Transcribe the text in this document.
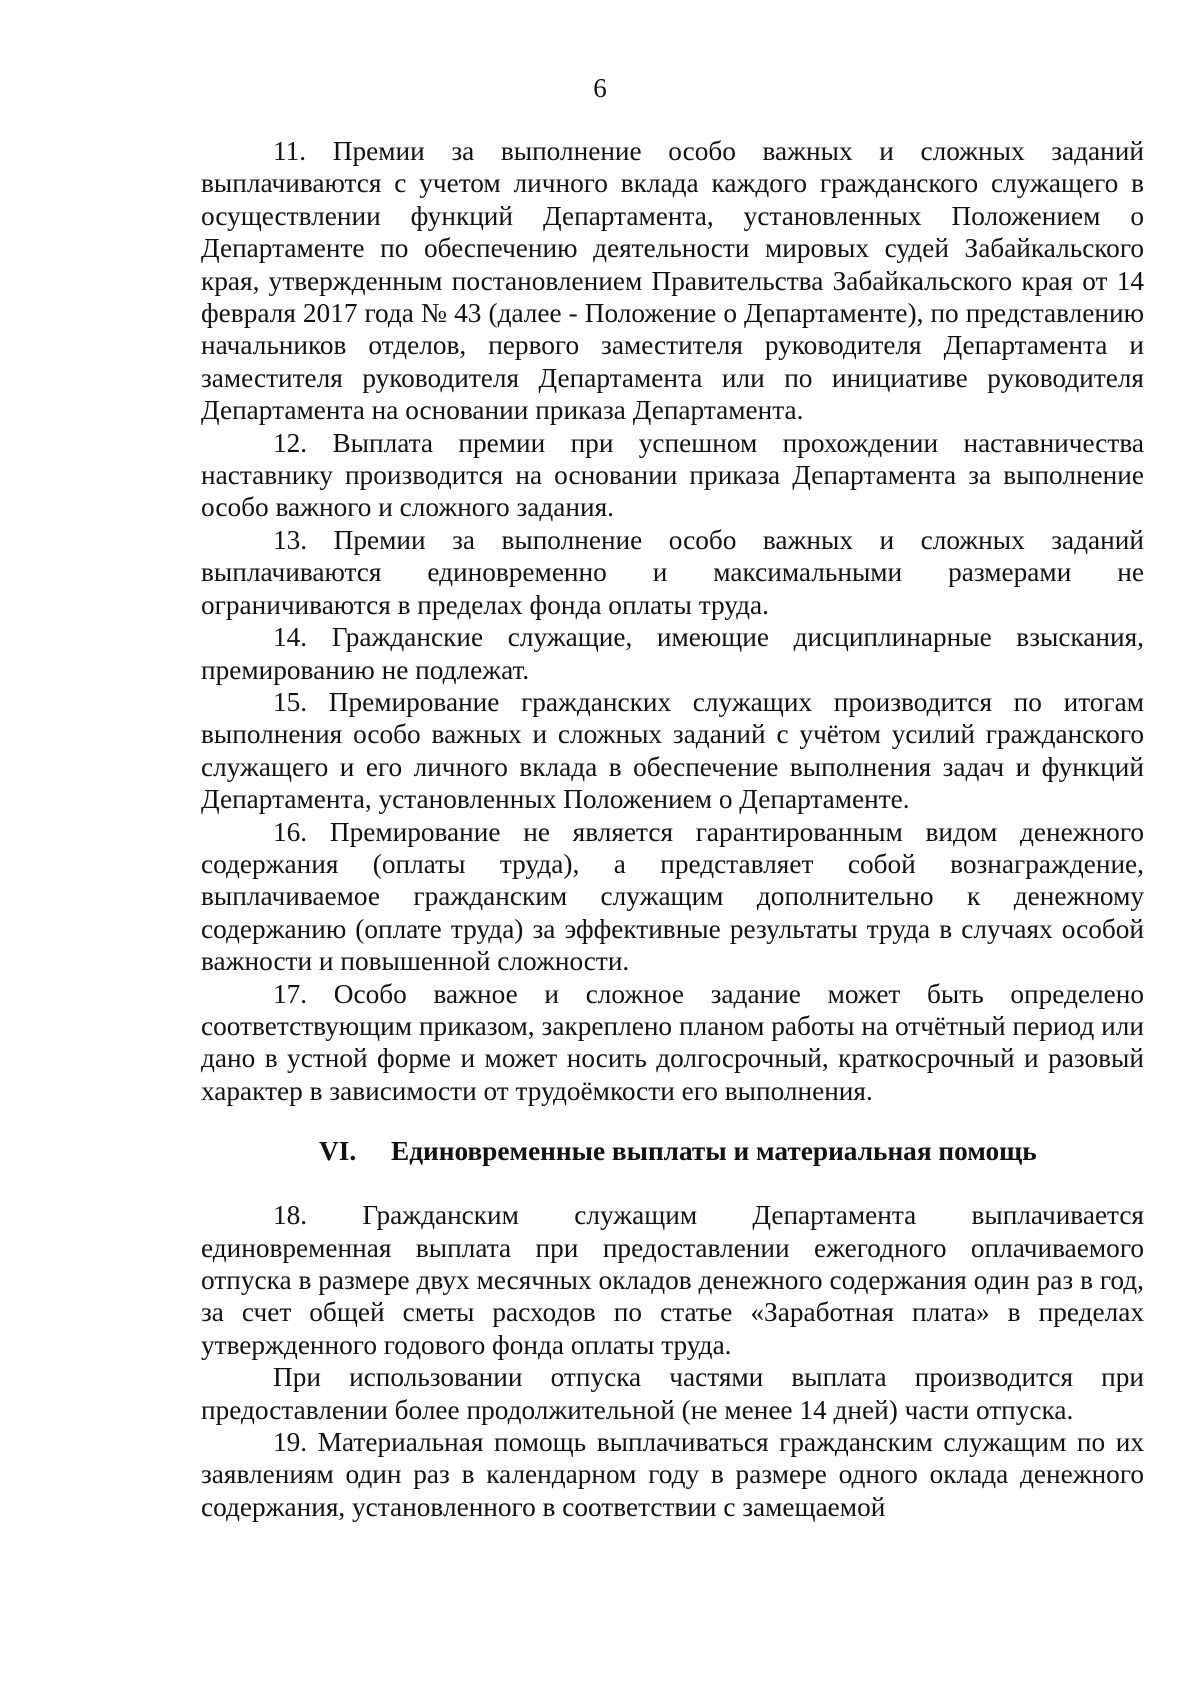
6

11. Премии за выполнение особо важных и сложных заданий выплачиваются с учетом личного вклада каждого гражданского служащего в осуществлении функций Департамента, установленных Положением о Департаменте по обеспечению деятельности мировых судей Забайкальского края, утвержденным постановлением Правительства Забайкальского края от 14 февраля 2017 года № 43 (далее - Положение о Департаменте), по представлению начальников отделов, первого заместителя руководителя Департамента и заместителя руководителя Департамента или по инициативе руководителя Департамента на основании приказа Департамента.

12. Выплата премии при успешном прохождении наставничества наставнику производится на основании приказа Департамента за выполнение особо важного и сложного задания.

13. Премии за выполнение особо важных и сложных заданий выплачиваются единовременно и максимальными размерами не ограничиваются в пределах фонда оплаты труда.

14. Гражданские служащие, имеющие дисциплинарные взыскания, премированию не подлежат.

15. Премирование гражданских служащих производится по итогам выполнения особо важных и сложных заданий с учётом усилий гражданского служащего и его личного вклада в обеспечение выполнения задач и функций Департамента, установленных Положением о Департаменте.

16. Премирование не является гарантированным видом денежного содержания (оплаты труда), а представляет собой вознаграждение, выплачиваемое гражданским служащим дополнительно к денежному содержанию (оплате труда) за эффективные результаты труда в случаях особой важности и повышенной сложности.

17. Особо важное и сложное задание может быть определено соответствующим приказом, закреплено планом работы на отчётный период или дано в устной форме и может носить долгосрочный, краткосрочный и разовый характер в зависимости от трудоёмкости его выполнения.

VI. Единовременные выплаты и материальная помощь

18. Гражданским служащим Департамента выплачивается единовременная выплата при предоставлении ежегодного оплачиваемого отпуска в размере двух месячных окладов денежного содержания один раз в год, за счет общей сметы расходов по статье «Заработная плата» в пределах утвержденного годового фонда оплаты труда.

При использовании отпуска частями выплата производится при предоставлении более продолжительной (не менее 14 дней) части отпуска.

19. Материальная помощь выплачиваться гражданским служащим по их заявлениям один раз в календарном году в размере одного оклада денежного содержания, установленного в соответствии с замещаемой
